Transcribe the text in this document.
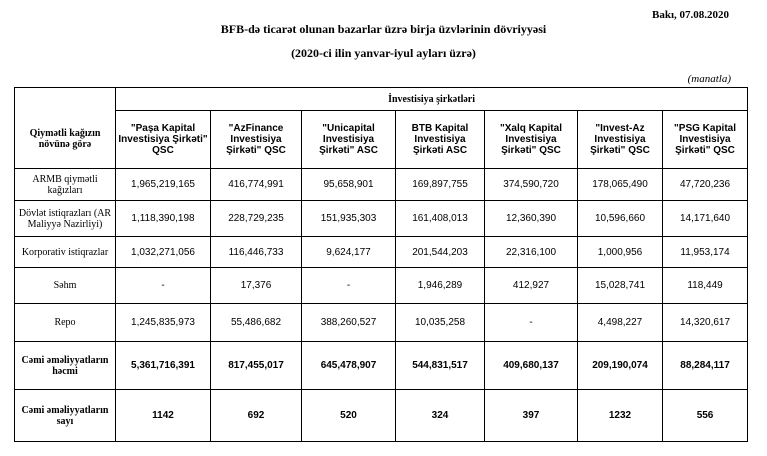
Bakı, 07.08.2020
BFB-də ticarət olunan bazarlar üzrə birja üzvlərinin dövriyyəsi
(2020-ci ilin yanvar-iyul ayları üzrə)
(manatla)
	İnvestisiya şirkətləri						
Qiymətli kağızın növünə görə	"Paşa Kapital Investisiya Şirkəti" QSC	"AzFinance Investisiya Şirkəti" QSC	"Unicapital Investisiya Şirkəti" ASC	BTB Kapital Investisiya Şirkəti ASC	"Xalq Kapital Investisiya Şirkəti" QSC	"Invest-Az Investisiya Şirkəti" QSC	"PSG Kapital Investisiya Şirkəti" QSC
ARMB qiymətli kağızları	1,965,219,165	416,774,991	95,658,901	169,897,755	374,590,720	178,065,490	47,720,236
Dövlət istiqrazları (AR Maliyyə Nazirliyi)	1,118,390,198	228,729,235	151,935,303	161,408,013	12,360,390	10,596,660	14,171,640
Korporativ istiqrazlar	1,032,271,056	116,446,733	9,624,177	201,544,203	22,316,100	1,000,956	11,953,174
Səhm	-	17,376	-	1,946,289	412,927	15,028,741	118,449
Repo	1,245,835,973	55,486,682	388,260,527	10,035,258	-	4,498,227	14,320,617
Cəmi əməliyyatların həcmi	5,361,716,391	817,455,017	645,478,907	544,831,517	409,680,137	209,190,074	88,284,117
Cəmi əməliyyatların sayı	1142	692	520	324	397	1232	556
